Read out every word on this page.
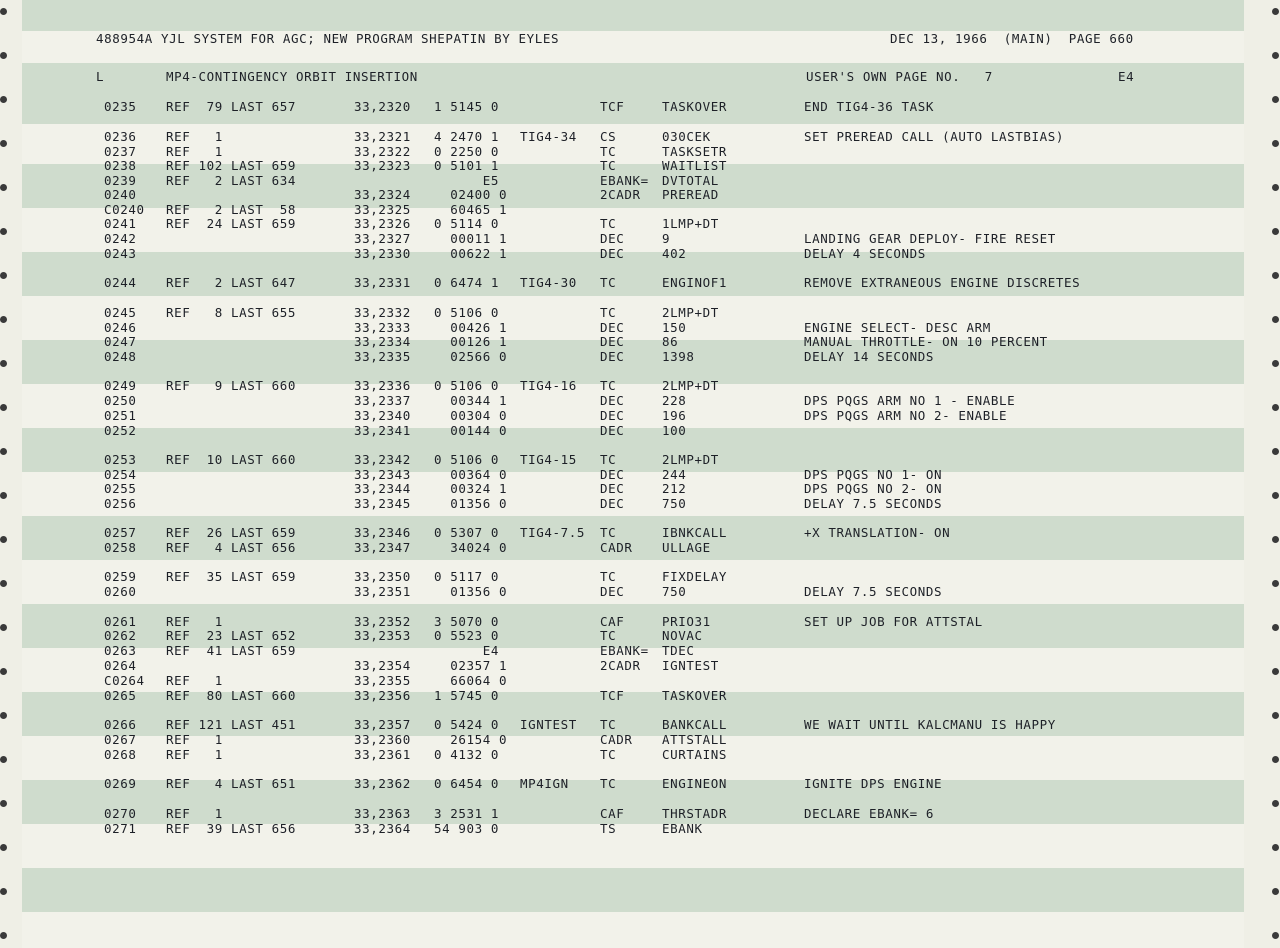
488954A YJL SYSTEM FOR AGC; NEW PROGRAM SHEPATIN BY EYLES	DEC 13, 1966  (MAIN)  PAGE 660
L	MP4-CONTINGENCY ORBIT INSERTION	USER'S OWN PAGE NO.   7	E4
0235 REF  79 LAST 657	33,2320 1 5145 0	TCF	TASKOVER	END TIG4-36 TASK
0236 REF   1	33,2321 4 2470 1 TIG4-34 CS	030CEK	SET PREREAD CALL (AUTO LASTBIAS)
0237 REF   1	33,2322 0 2250 0	TC	TASKSETR
0238 REF 102 LAST 659	33,2323 0 5101 1	TC	WAITLIST
0239 REF   2 LAST 634	E5	EBANK= DVTOTAL
0240	33,2324 02400 0	2CADR PREREAD
C0240 REF   2 LAST  58	33,2325 60465 1
0241 REF  24 LAST 659	33,2326 0 5114 0	TC	1LMP+DT
0242	33,2327 00011 1	DEC	9	LANDING GEAR DEPLOY- FIRE RESET
0243	33,2330 00622 1	DEC	402	DELAY 4 SECONDS
0244 REF   2 LAST 647	33,2331 0 6474 1 TIG4-30 TC	ENGINOF1	REMOVE EXTRANEOUS ENGINE DISCRETES
0245 REF   8 LAST 655	33,2332 0 5106 0	TC	2LMP+DT
0246	33,2333 00426 1	DEC	150	ENGINE SELECT- DESC ARM
0247	33,2334 00126 1	DEC	86	MANUAL THROTTLE- ON 10 PERCENT
0248	33,2335 02566 0	DEC	1398	DELAY 14 SECONDS
0249 REF   9 LAST 660	33,2336 0 5106 0 TIG4-16 TC	2LMP+DT
0250	33,2337 00344 1	DEC	228	DPS PQGS ARM NO 1 - ENABLE
0251	33,2340 00304 0	DEC	196	DPS PQGS ARM NO 2- ENABLE
0252	33,2341 00144 0	DEC	100
0253 REF  10 LAST 660	33,2342 0 5106 0 TIG4-15 TC	2LMP+DT
0254	33,2343 00364 0	DEC	244	DPS PQGS NO 1- ON
0255	33,2344 00324 1	DEC	212	DPS PQGS NO 2- ON
0256	33,2345 01356 0	DEC	750	DELAY 7.5 SECONDS
0257 REF  26 LAST 659	33,2346 0 5307 0 TIG4-7.5 TC	IBNKCALL	+X TRANSLATION- ON
0258 REF   4 LAST 656	33,2347 34024 0	CADR ULLAGE
0259 REF  35 LAST 659	33,2350 0 5117 0	TC	FIXDELAY
0260	33,2351 01356 0	DEC	750	DELAY 7.5 SECONDS
0261 REF   1	33,2352 3 5070 0	CAF	PRIO31	SET UP JOB FOR ATTSTAL
0262 REF  23 LAST 652	33,2353 0 5523 0	TC	NOVAC
0263 REF  41 LAST 659	E4	EBANK= TDEC
0264	33,2354 02357 1	2CADR IGNTEST
C0264 REF   1	33,2355 66064 0
0265 REF  80 LAST 660	33,2356 1 5745 0	TCF	TASKOVER
0266 REF 121 LAST 451	33,2357 0 5424 0 IGNTEST TC	BANKCALL	WE WAIT UNTIL KALCMANU IS HAPPY
0267 REF   1	33,2360 26154 0	CADR ATTSTALL
0268 REF   1	33,2361 0 4132 0	TC	CURTAINS
0269 REF   4 LAST 651	33,2362 0 6454 0 MP4IGN TC	ENGINEON	IGNITE DPS ENGINE
0270 REF   1	33,2363 3 2531 1	CAF	THRSTADR	DECLARE EBANK= 6
0271 REF  39 LAST 656	33,2364 54 903 0	TS	EBANK
